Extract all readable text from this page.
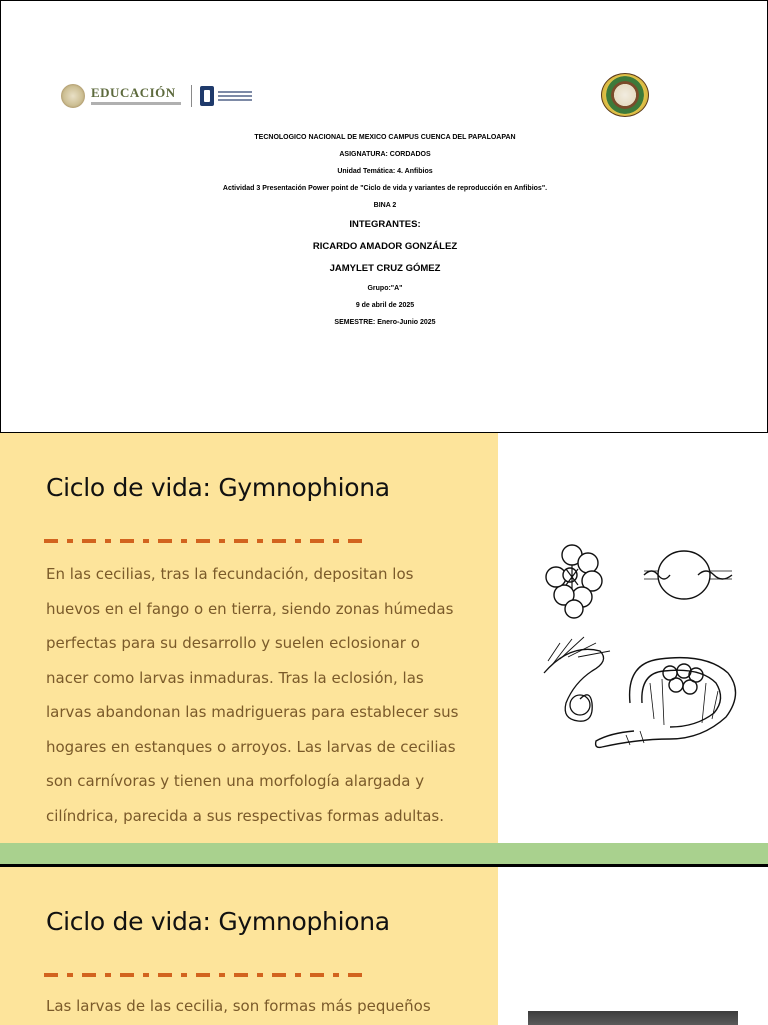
EDUCACIÓN
TECNOLOGICO NACIONAL DE MEXICO CAMPUS CUENCA DEL PAPALOAPAN
ASIGNATURA: CORDADOS
Unidad Temática: 4. Anfibios
Actividad 3 Presentación Power point de "Ciclo de vida y variantes de reproducción en Anfibios".
BINA 2
INTEGRANTES:
RICARDO AMADOR GONZÁLEZ
JAMYLET CRUZ GÓMEZ
Grupo:"A"
9 de abril de 2025
SEMESTRE: Enero-Junio 2025
Ciclo de vida: Gymnophiona
En las cecilias, tras la fecundación, depositan los
huevos en el fango o en tierra, siendo zonas húmedas
perfectas para su desarrollo y suelen eclosionar o
nacer como larvas inmaduras. Tras la eclosión, las
larvas abandonan las madrigueras para establecer sus
hogares en estanques o arroyos. Las larvas de cecilias
son carnívoras y tienen una morfología alargada y
cilíndrica, parecida a sus respectivas formas adultas.
Ciclo de vida: Gymnophiona
Las larvas de las cecilia, son formas más pequeños
